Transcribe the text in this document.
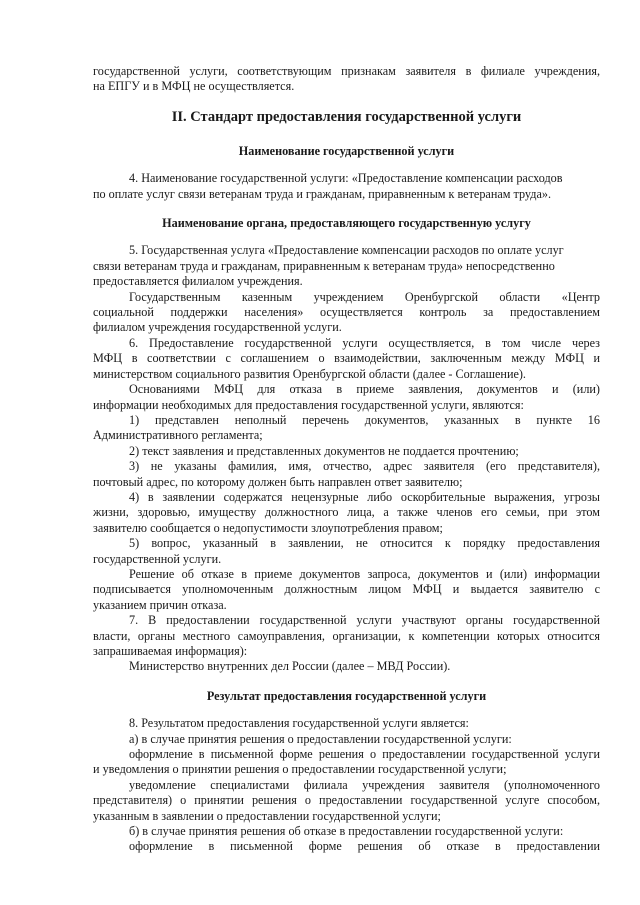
государственной услуги, соответствующим признакам заявителя в филиале учреждения,
на ЕПГУ и в МФЦ не осуществляется.

II. Стандарт предоставления государственной услуги
Наименование государственной услуги

4. Наименование государственной услуги: «Предоставление компенсации расходов
по оплате услуг связи ветеранам труда и гражданам, приравненным к ветеранам труда».

Наименование органа, предоставляющего государственную услугу

5. Государственная услуга «Предоставление компенсации расходов по оплате услуг
связи ветеранам труда и гражданам, приравненным к ветеранам труда» непосредственно
предоставляется филиалом учреждения.

Государственным казенным учреждением Оренбургской области «Центр
социальной поддержки населения» осуществляется контроль за предоставлением
филиалом учреждения государственной услуги.

6. Предоставление государственной услуги осуществляется, в том числе через
МФЦ в соответствии с соглашением о взаимодействии, заключенным между МФЦ и
министерством социального развития Оренбургской области (далее - Соглашение).

Основаниями МФЦ для отказа в приеме заявления, документов и (или)
информации необходимых для предоставления государственной услуги, являются:

1) представлен неполный перечень документов, указанных в пункте 16
Административного регламента;

2) текст заявления и представленных документов не поддается прочтению;

3) не указаны фамилия, имя, отчество, адрес заявителя (его представителя),
почтовый адрес, по которому должен быть направлен ответ заявителю;

4) в заявлении содержатся нецензурные либо оскорбительные выражения, угрозы
жизни, здоровью, имуществу должностного лица, а также членов его семьи, при этом
заявителю сообщается о недопустимости злоупотребления правом;

5) вопрос, указанный в заявлении, не относится к порядку предоставления
государственной услуги.

Решение об отказе в приеме документов запроса, документов и (или) информации
подписывается уполномоченным должностным лицом МФЦ и выдается заявителю с
указанием причин отказа.

7. В предоставлении государственной услуги участвуют органы государственной
власти, органы местного самоуправления, организации, к компетенции которых относится
запрашиваемая информация):

Министерство внутренних дел России (далее – МВД России).

Результат предоставления государственной услуги

8. Результатом предоставления государственной услуги является:

а) в случае принятия решения о предоставлении государственной услуги:

оформление в письменной форме решения о предоставлении государственной услуги
и уведомления о принятии решения о предоставлении государственной услуги;

уведомление специалистами филиала учреждения заявителя (уполномоченного
представителя) о принятии решения о предоставлении государственной услуге способом,
указанным в заявлении о предоставлении государственной услуги;

б) в случае принятия решения об отказе в предоставлении государственной услуги:

оформление в письменной форме решения об отказе в предоставлении
